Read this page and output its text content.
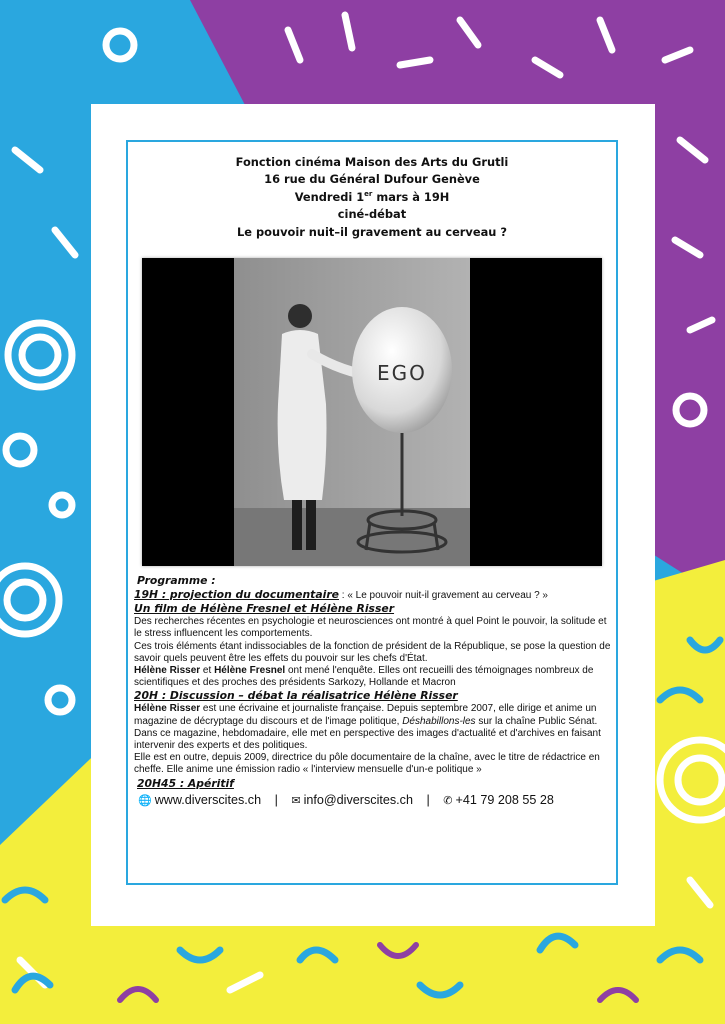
Fonction cinéma Maison des Arts du Grutli
16 rue du Général Dufour Genève
Vendredi 1er mars à 19H
ciné-débat
Le pouvoir nuit–il gravement au cerveau ?
EGO

Programme :

19H : projection du documentaire : « Le pouvoir nuit-il gravement au cerveau ? »

Un film de Hélène Fresnel et Hélène Risser

Des recherches récentes en psychologie et neurosciences ont montré à quel Point le pouvoir, la solitude et le stress influencent les comportements.

Ces trois éléments étant indissociables de la fonction de président de la République, se pose la question de savoir quels peuvent être les effets du pouvoir sur les chefs d'État.

Hélène Risser et Hélène Fresnel ont mené l'enquête. Elles ont recueilli des témoignages nombreux de scientifiques et des proches des présidents Sarkozy, Hollande et Macron

20H : Discussion – débat la réalisatrice Hélène Risser

Hélène Risser est une écrivaine et journaliste française. Depuis septembre 2007, elle dirige et anime un magazine de décryptage du discours et de l'image politique, Déshabillons-les sur la chaîne Public Sénat. Dans ce magazine, hebdomadaire, elle met en perspective des images d'actualité et d'archives en faisant intervenir des experts et des politiques.

Elle est en outre, depuis 2009, directrice du pôle documentaire de la chaîne, avec le titre de rédactrice en cheffe. Elle anime une émission radio « l'interview mensuelle d'un-e politique »

20H45 : Apéritif

🌐 www.diverscites.ch | ✉ info@diverscites.ch | ✆ +41 79 208 55 28
